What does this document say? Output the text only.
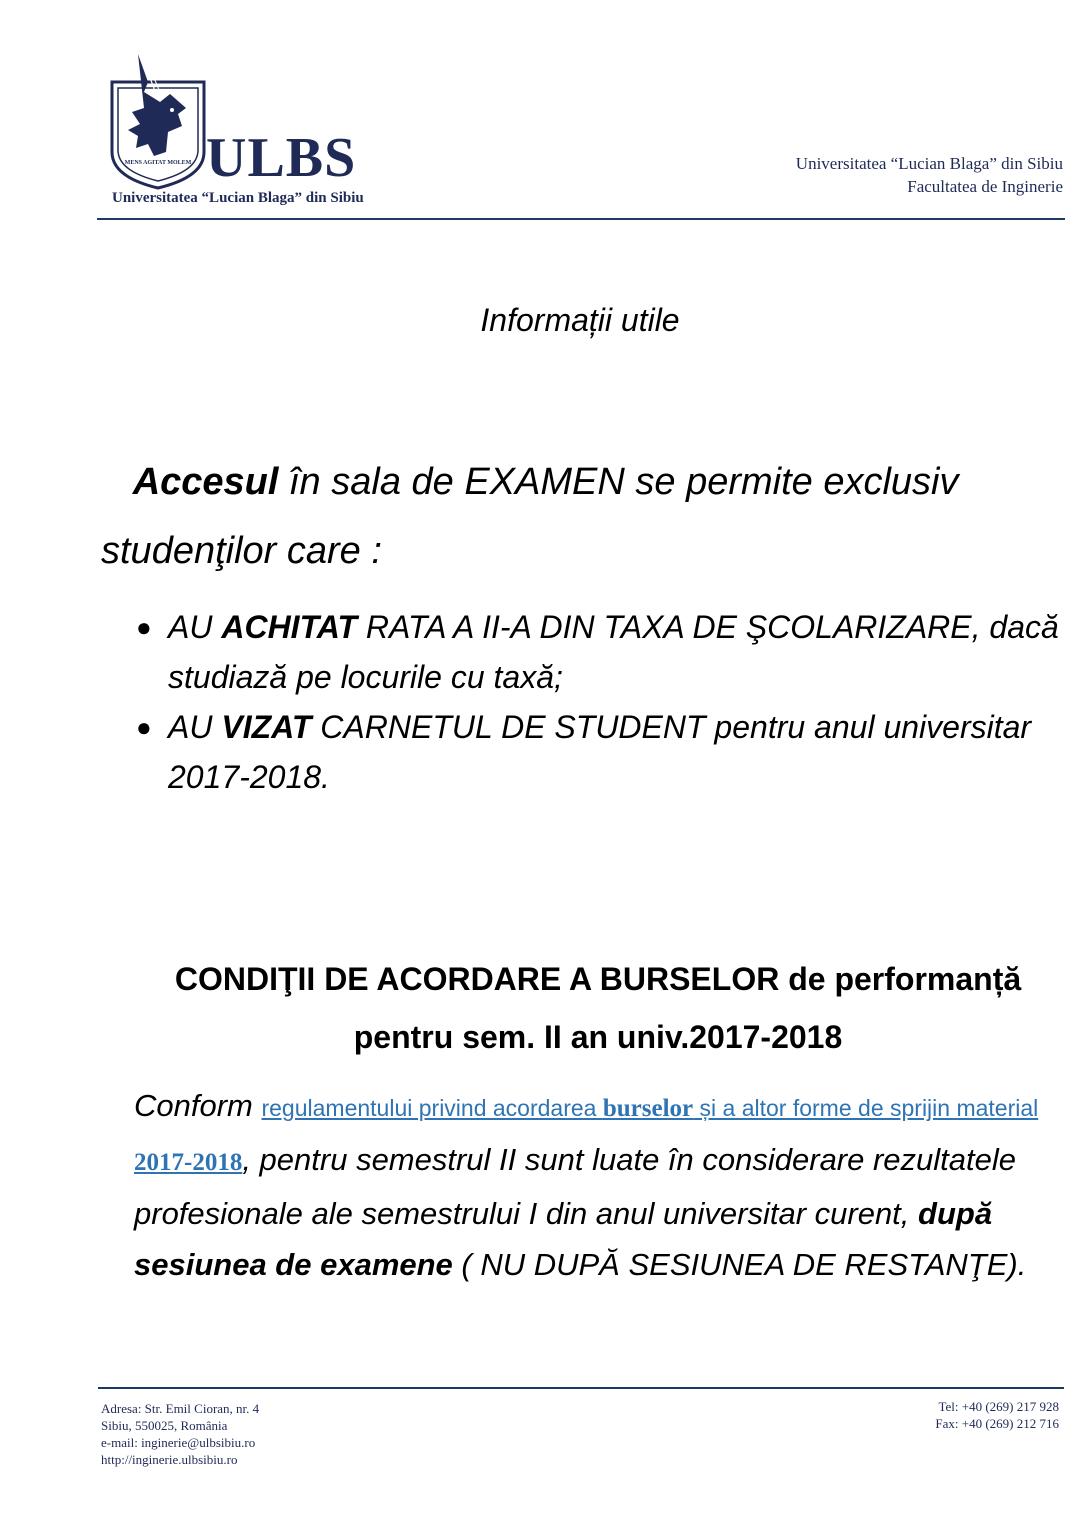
MENS AGITAT MOLEM ULBS
Universitatea “Lucian Blaga” din Sibiu
Universitatea “Lucian Blaga” din Sibiu
Facultatea de Inginerie
Informații utile
Accesul în sala de EXAMEN se permite exclusiv studenţilor care :
● AU ACHITAT RATA A II-A DIN TAXA DE ŞCOLARIZARE, dacă studiază pe locurile cu taxă;
● AU VIZAT CARNETUL DE STUDENT pentru anul universitar 2017-2018.
CONDIŢII DE ACORDARE A BURSELOR de performanță
pentru sem. II an univ.2017-2018
Conform regulamentului privind acordarea burselor și a altor forme de sprijin material 2017-2018, pentru semestrul II sunt luate în considerare rezultatele profesionale ale semestrului I din anul universitar curent, după sesiunea de examene ( NU DUPĂ SESIUNEA DE RESTANŢE).
Adresa: Str. Emil Cioran, nr. 4
Sibiu, 550025, România
e-mail: inginerie@ulbsibiu.ro
http://inginerie.ulbsibiu.ro
Tel: +40 (269) 217 928
Fax: +40 (269) 212 716
